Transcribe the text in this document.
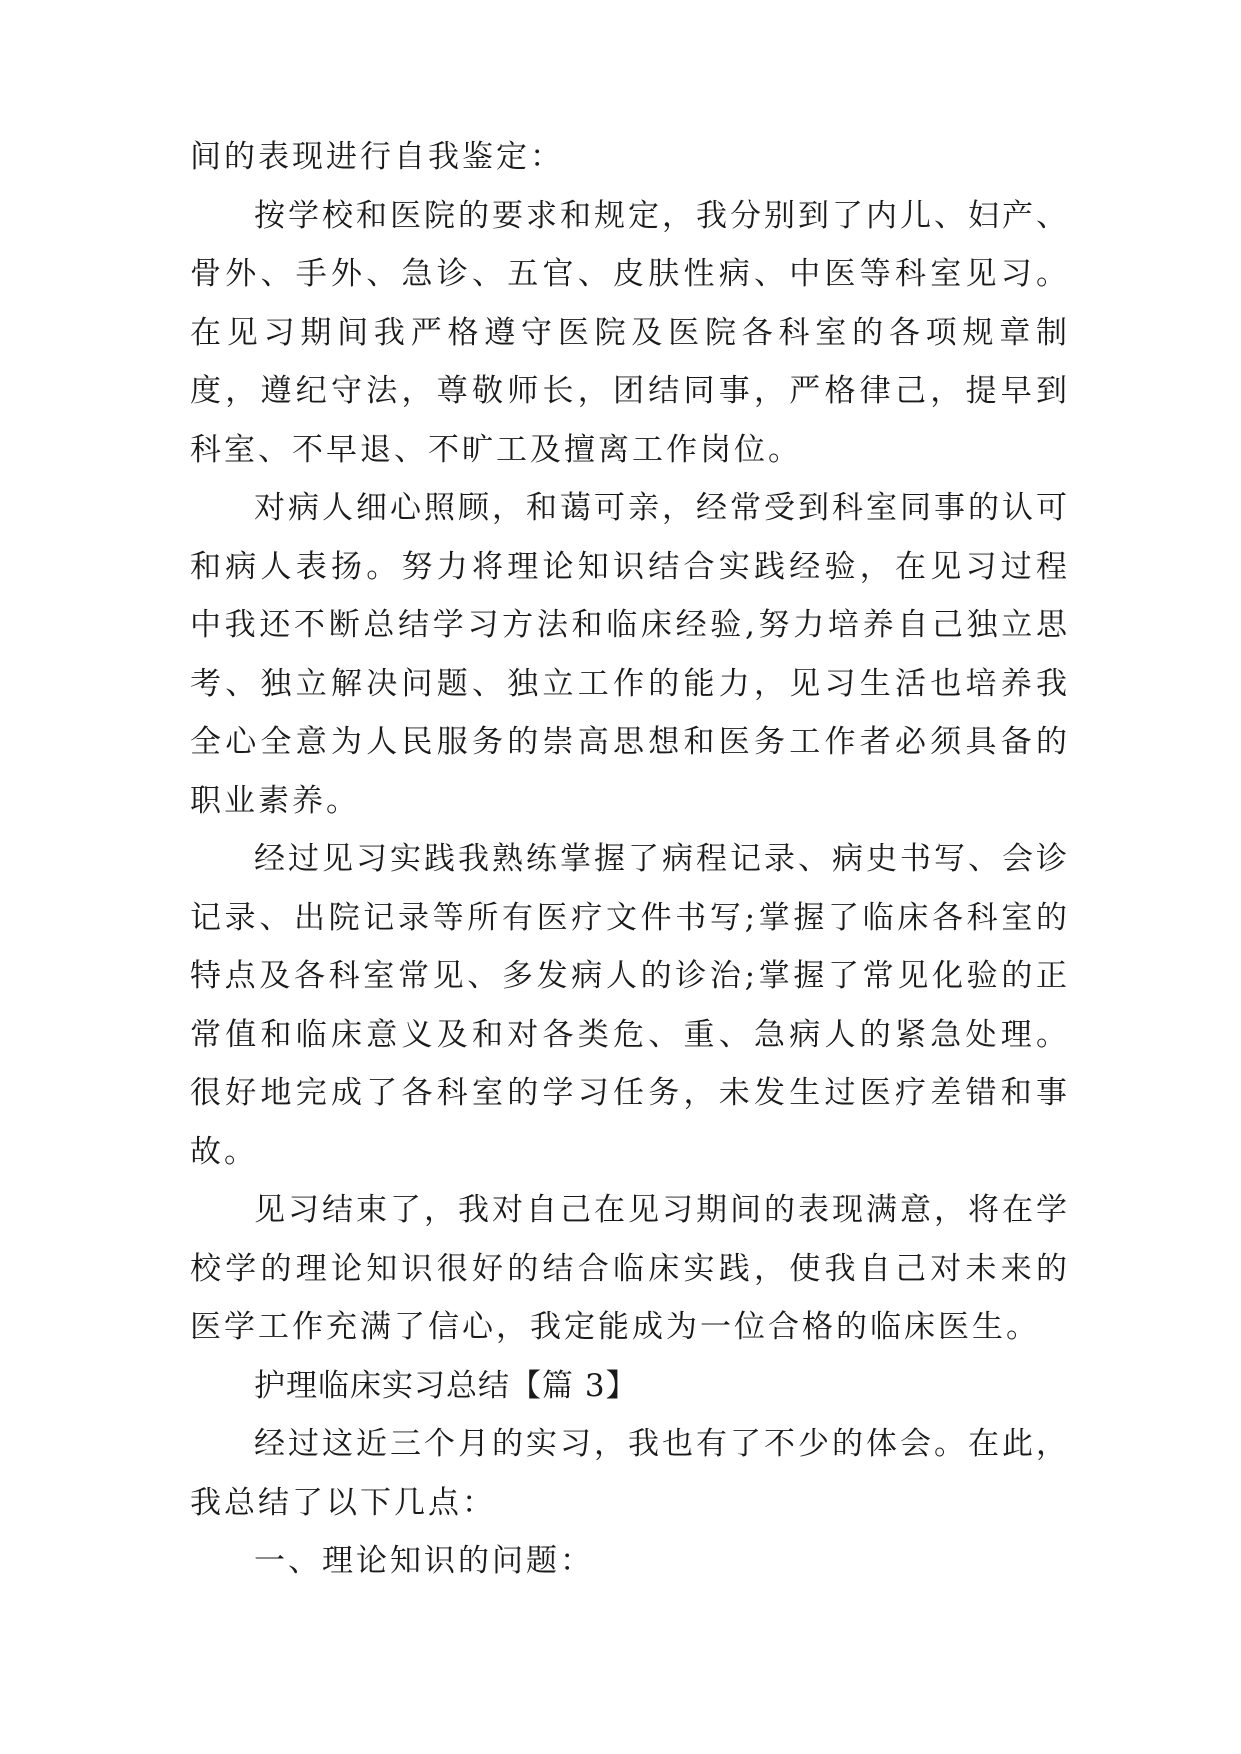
间的表现进行自我鉴定：

按学校和医院的要求和规定，我分别到了内儿、妇产、骨外、手外、急诊、五官、皮肤性病、中医等科室见习。在见习期间我严格遵守医院及医院各科室的各项规章制度，遵纪守法，尊敬师长，团结同事，严格律己，提早到科室、不早退、不旷工及擅离工作岗位。

对病人细心照顾，和蔼可亲，经常受到科室同事的认可和病人表扬。努力将理论知识结合实践经验，在见习过程中我还不断总结学习方法和临床经验,努力培养自己独立思考、独立解决问题、独立工作的能力，见习生活也培养我全心全意为人民服务的崇高思想和医务工作者必须具备的职业素养。

经过见习实践我熟练掌握了病程记录、病史书写、会诊记录、出院记录等所有医疗文件书写;掌握了临床各科室的特点及各科室常见、多发病人的诊治;掌握了常见化验的正常值和临床意义及和对各类危、重、急病人的紧急处理。很好地完成了各科室的学习任务，未发生过医疗差错和事故。

见习结束了，我对自己在见习期间的表现满意，将在学校学的理论知识很好的结合临床实践，使我自己对未来的医学工作充满了信心，我定能成为一位合格的临床医生。

护理临床实习总结【篇 3】

经过这近三个月的实习，我也有了不少的体会。在此，我总结了以下几点：

一、理论知识的问题：
